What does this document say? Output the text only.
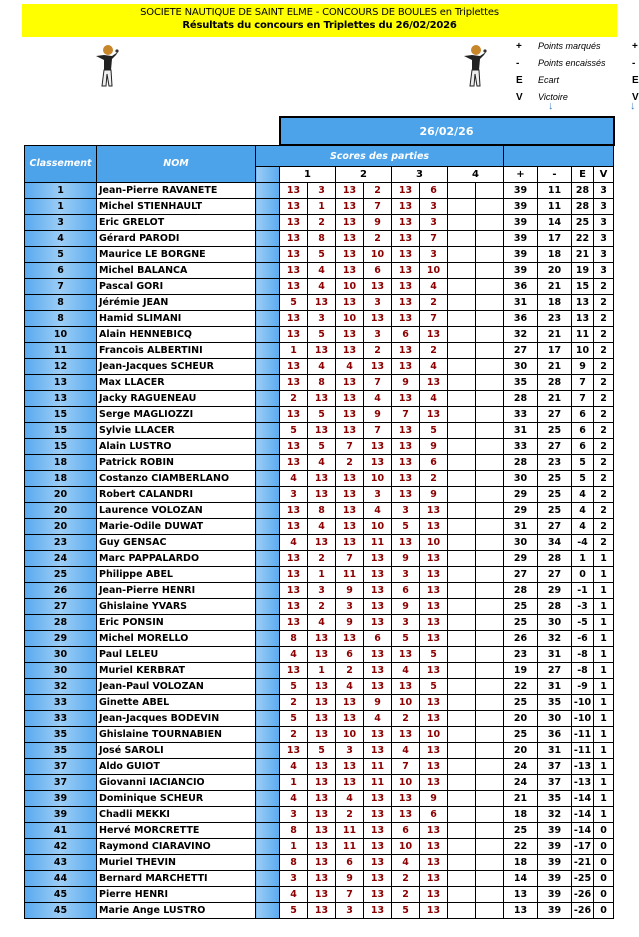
SOCIETE NAUTIQUE DE SAINT ELME - CONCOURS DE BOULES en Triplettes
Résultats du concours en Triplettes du 26/02/2026
+ Points marqués	+
- Points encaissés	-
E Ecart	E
V Victoire	V
↓	↓
			26/02/26											
Classement	NOM	Scores des parties												
			1		2		3		4		+	-	E	V
1	Jean-Pierre RAVANETE		13	3	13	2	13	6			39	11	28	3
1	Michel STIENHAULT		13	1	13	7	13	3			39	11	28	3
3	Eric GRELOT		13	2	13	9	13	3			39	14	25	3
4	Gérard PARODI		13	8	13	2	13	7			39	17	22	3
5	Maurice LE BORGNE		13	5	13	10	13	3			39	18	21	3
6	Michel BALANCA		13	4	13	6	13	10			39	20	19	3
7	Pascal GORI		13	4	10	13	13	4			36	21	15	2
8	Jérémie JEAN		5	13	13	3	13	2			31	18	13	2
8	Hamid SLIMANI		13	3	10	13	13	7			36	23	13	2
10	Alain HENNEBICQ		13	5	13	3	6	13			32	21	11	2
11	Francois ALBERTINI		1	13	13	2	13	2			27	17	10	2
12	Jean-Jacques SCHEUR		13	4	4	13	13	4			30	21	9	2
13	Max LLACER		13	8	13	7	9	13			35	28	7	2
13	Jacky RAGUENEAU		2	13	13	4	13	4			28	21	7	2
15	Serge MAGLIOZZI		13	5	13	9	7	13			33	27	6	2
15	Sylvie LLACER		5	13	13	7	13	5			31	25	6	2
15	Alain LUSTRO		13	5	7	13	13	9			33	27	6	2
18	Patrick ROBIN		13	4	2	13	13	6			28	23	5	2
18	Costanzo CIAMBERLANO		4	13	13	10	13	2			30	25	5	2
20	Robert CALANDRI		3	13	13	3	13	9			29	25	4	2
20	Laurence VOLOZAN		13	8	13	4	3	13			29	25	4	2
20	Marie-Odile DUWAT		13	4	13	10	5	13			31	27	4	2
23	Guy GENSAC		4	13	13	11	13	10			30	34	-4	2
24	Marc PAPPALARDO		13	2	7	13	9	13			29	28	1	1
25	Philippe ABEL		13	1	11	13	3	13			27	27	0	1
26	Jean-Pierre HENRI		13	3	9	13	6	13			28	29	-1	1
27	Ghislaine YVARS		13	2	3	13	9	13			25	28	-3	1
28	Eric PONSIN		13	4	9	13	3	13			25	30	-5	1
29	Michel MORELLO		8	13	13	6	5	13			26	32	-6	1
30	Paul LELEU		4	13	6	13	13	5			23	31	-8	1
30	Muriel KERBRAT		13	1	2	13	4	13			19	27	-8	1
32	Jean-Paul VOLOZAN		5	13	4	13	13	5			22	31	-9	1
33	Ginette ABEL		2	13	13	9	10	13			25	35	-10	1
33	Jean-Jacques BODEVIN		5	13	13	4	2	13			20	30	-10	1
35	Ghislaine TOURNABIEN		2	13	10	13	13	10			25	36	-11	1
35	José SAROLI		13	5	3	13	4	13			20	31	-11	1
37	Aldo GUIOT		4	13	13	11	7	13			24	37	-13	1
37	Giovanni IACIANCIO		1	13	13	11	10	13			24	37	-13	1
39	Dominique SCHEUR		4	13	4	13	13	9			21	35	-14	1
39	Chadli MEKKI		3	13	2	13	13	6			18	32	-14	1
41	Hervé MORCRETTE		8	13	11	13	6	13			25	39	-14	0
42	Raymond CIARAVINO		1	13	11	13	10	13			22	39	-17	0
43	Muriel THEVIN		8	13	6	13	4	13			18	39	-21	0
44	Bernard MARCHETTI		3	13	9	13	2	13			14	39	-25	0
45	Pierre HENRI		4	13	7	13	2	13			13	39	-26	0
45	Marie Ange LUSTRO		5	13	3	13	5	13			13	39	-26	0
